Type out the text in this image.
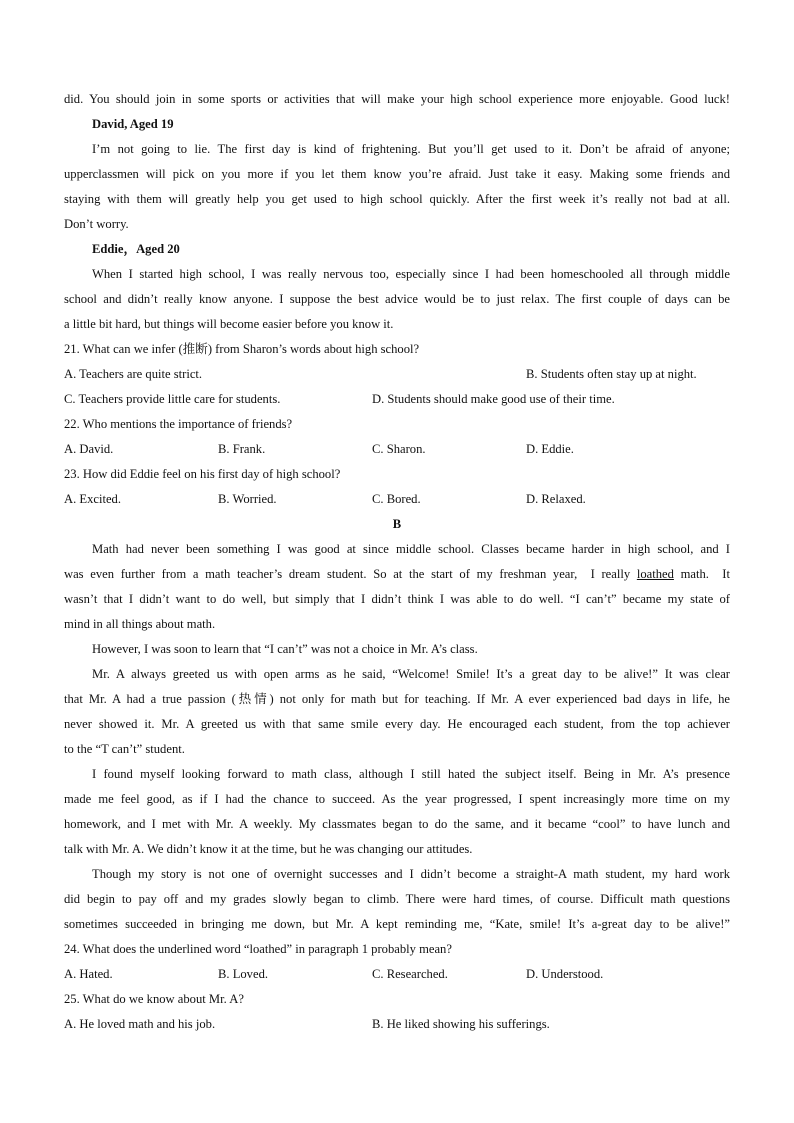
did. You should join in some sports or activities that will make your high school experience more enjoyable. Good luck!
David, Aged 19
I’m not going to lie. The first day is kind of frightening. But you’ll get used to it. Don’t be afraid of anyone;
upperclassmen will pick on you more if you let them know you’re afraid. Just take it easy. Making some friends and
staying with them will greatly help you get used to high school quickly. After the first week it’s really not bad at all.
Don’t worry.
Eddie，Aged 20
When I started high school, I was really nervous too, especially since I had been homeschooled all through middle
school and didn’t really know anyone. I suppose the best advice would be to just relax. The first couple of days can be
a little bit hard, but things will become easier before you know it.
21. What can we infer (推断) from Sharon’s words about high school?
A. Teachers are quite strict.	B. Students often stay up at night.
C. Teachers provide little care for students.	D. Students should make good use of their time.
22. Who mentions the importance of friends?
A. David.	B. Frank.	C. Sharon.	D. Eddie.
23. How did Eddie feel on his first day of high school?
A. Excited.	B. Worried.	C. Bored.	D. Relaxed.
B
Math had never been something I was good at since middle school. Classes became harder in high school, and I
was even further from a math teacher’s dream student. So at the start of my freshman year,  I really loathed math.  It
wasn’t that I didn’t want to do well, but simply that I didn’t think I was able to do well. “I can’t” became my state of
mind in all things about math.
However, I was soon to learn that “I can’t” was not a choice in Mr. A’s class.
Mr. A always greeted us with open arms as he said, “Welcome! Smile! It’s a great day to be alive!” It was clear
that Mr. A had a true passion (热情) not only for math but for teaching. If Mr. A ever experienced bad days in life, he
never showed it. Mr. A greeted us with that same smile every day. He encouraged each student, from the top achiever
to the “T can’t” student.
I found myself looking forward to math class, although I still hated the subject itself. Being in Mr. A’s presence
made me feel good, as if I had the chance to succeed. As the year progressed, I spent increasingly more time on my
homework, and I met with Mr. A weekly. My classmates began to do the same, and it became “cool” to have lunch and
talk with Mr. A. We didn’t know it at the time, but he was changing our attitudes.
Though my story is not one of overnight successes and I didn’t become a straight-A math student, my hard work
did begin to pay off and my grades slowly began to climb. There were hard times, of course. Difficult math questions
sometimes succeeded in bringing me down, but Mr. A kept reminding me, “Kate, smile! It’s a-great day to be alive!”
24. What does the underlined word “loathed” in paragraph 1 probably mean?
A. Hated.	B. Loved.	C. Researched.	D. Understood.
25. What do we know about Mr. A?
A. He loved math and his job.	B. He liked showing his sufferings.
